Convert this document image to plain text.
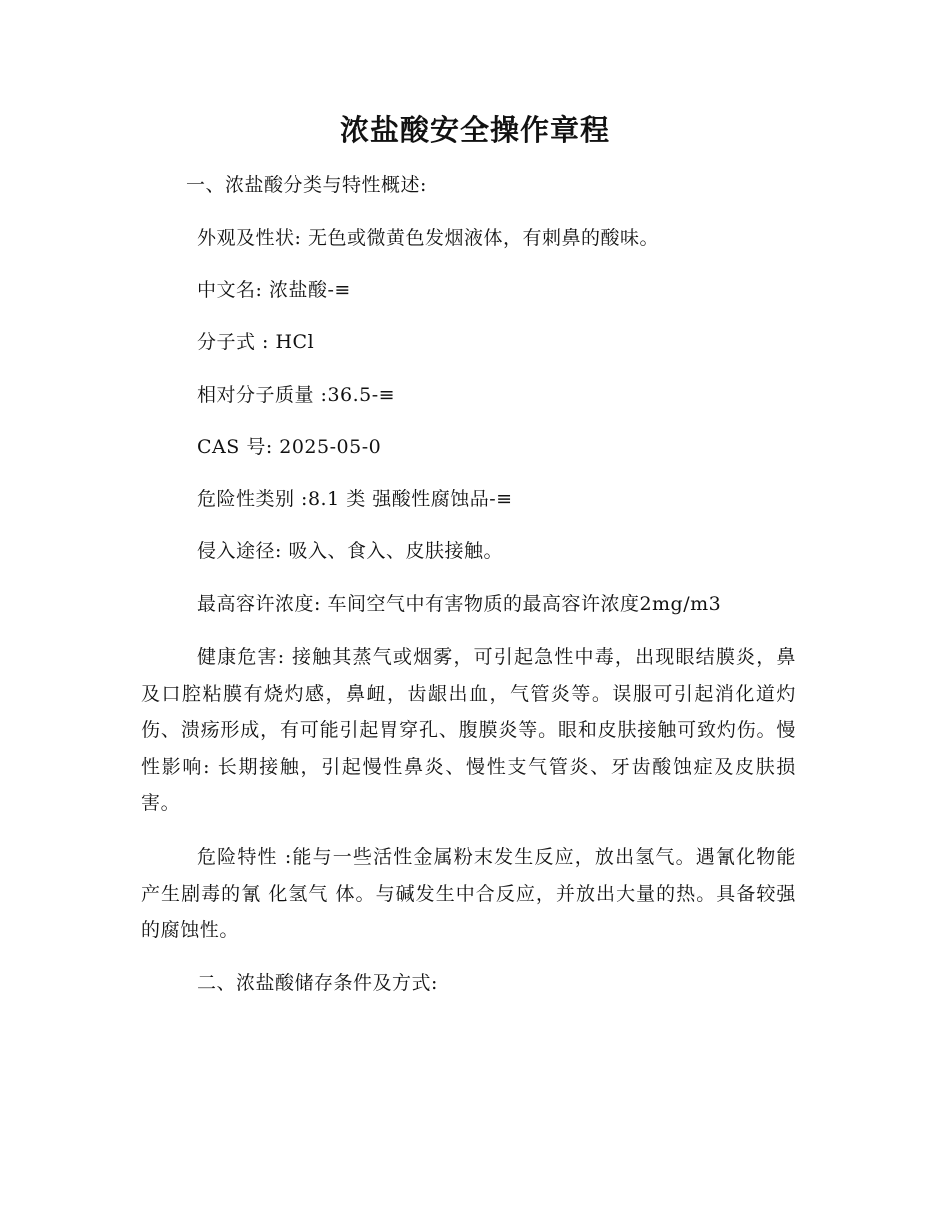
浓盐酸安全操作章程
一、浓盐酸分类与特性概述:
外观及性状: 无色或微黄色发烟液体，有刺鼻的酸味。
中文名: 浓盐酸-≡
分子式 : HCl
相对分子质量 :36.5-≡
CAS 号: 2025-05-0
危险性类别 :8.1 类 强酸性腐蚀品-≡
侵入途径: 吸入、食入、皮肤接触。
最高容许浓度: 车间空气中有害物质的最高容许浓度2mg/m3
健康危害: 接触其蒸气或烟雾，可引起急性中毒，出现眼结膜炎，鼻及口腔粘膜有烧灼感，鼻衄，齿龈出血，气管炎等。误服可引起消化道灼伤、溃疡形成，有可能引起胃穿孔、腹膜炎等。眼和皮肤接触可致灼伤。慢性影响: 长期接触，引起慢性鼻炎、慢性支气管炎、牙齿酸蚀症及皮肤损害。
危险特性 :能与一些活性金属粉末发生反应，放出氢气。遇氰化物能产生剧毒的氰 化氢气 体。与碱发生中合反应，并放出大量的热。具备较强的腐蚀性。
二、浓盐酸储存条件及方式:
